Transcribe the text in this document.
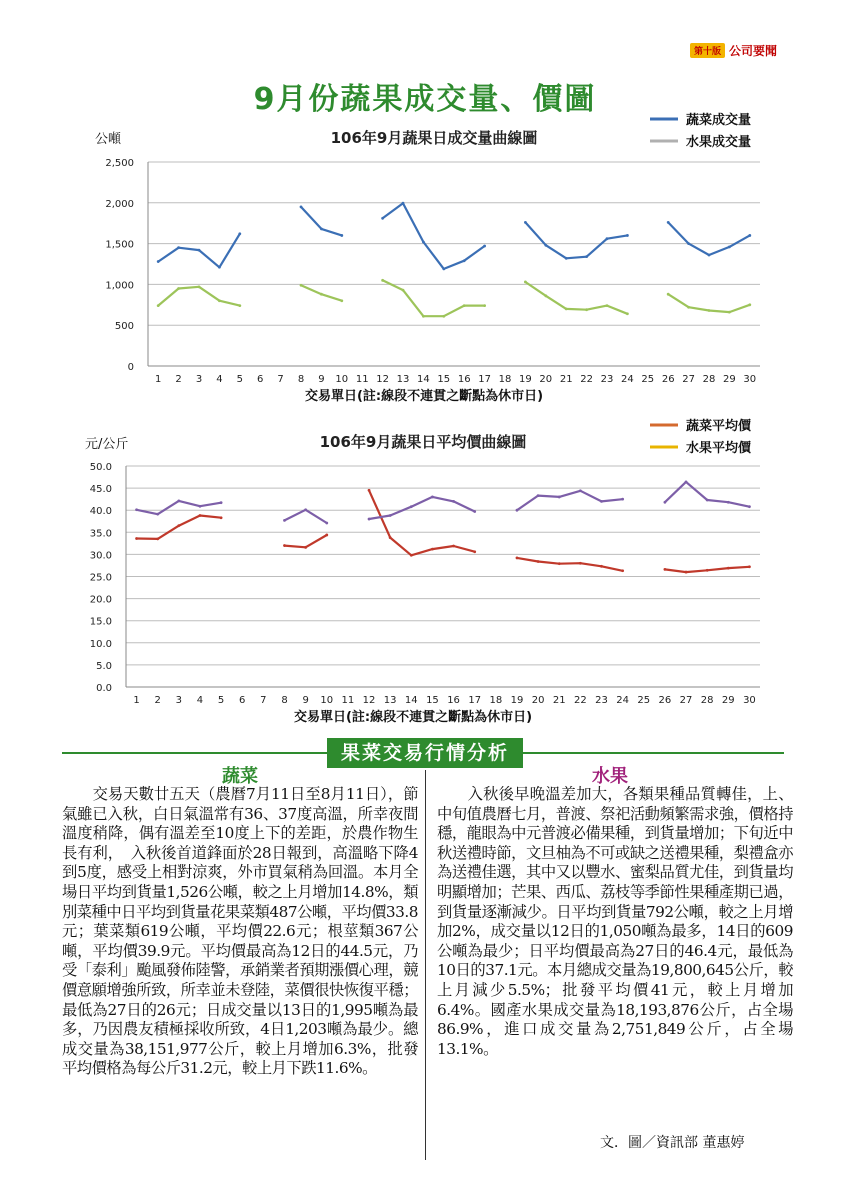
第十版 公司要聞
9月份蔬果成交量、價圖
106年9月蔬果日成交量曲線圖
公噸
0
500
1,000
1,500
2,000
2,500
1 2 3 4 5 6 7 8 9 10 11 12 13 14 15 16 17 18 19 20 21 22 23 24 25 26 27 28 29 30
交易單日(註:線段不連貫之斷點為休市日)
蔬菜成交量
水果成交量
106年9月蔬果日平均價曲線圖
元/公斤
0.0
5.0
10.0
15.0
20.0
25.0
30.0
35.0
40.0
45.0
50.0
1 2 3 4 5 6 7 8 9 10 11 12 13 14 15 16 17 18 19 20 21 22 23 24 25 26 27 28 29 30
交易單日(註:線段不連貫之斷點為休市日)
蔬菜平均價
水果平均價
果菜交易行情分析
蔬菜	水果

交易天數廿五天（農曆7月11日至8月11日），節氣雖已入秋，白日氣溫常有36、37度高溫，所幸夜間溫度稍降，偶有溫差至10度上下的差距，於農作物生長有利，　入秋後首道鋒面於28日報到，高溫略下降4到5度，感受上相對涼爽，外市買氣稍為回溫。本月全場日平均到貨量1,526公噸，較之上月增加14.8%，類別菜種中日平均到貨量花果菜類487公噸，平均價33.8元；葉菜類619公噸，平均價22.6元；根莖類367公噸，平均價39.9元。平均價最高為12日的44.5元，乃受「泰利」颱風發佈陸警，承銷業者預期漲價心理，競價意願增強所致，所幸並未登陸，菜價很快恢復平穩；最低為27日的26元；日成交量以13日的1,995噸為最多，乃因農友積極採收所致，4日1,203噸為最少。總成交量為38,151,977公斤，較上月增加6.3%，批發平均價格為每公斤31.2元，較上月下跌11.6%。

入秋後早晚溫差加大，各類果種品質轉佳，上、中旬值農曆七月，普渡、祭祀活動頻繁需求強，價格持穩，龍眼為中元普渡必備果種，到貨量增加；下旬近中秋送禮時節，文旦柚為不可或缺之送禮果種，梨禮盒亦為送禮佳選，其中又以豐水、蜜梨品質尤佳，到貨量均明顯增加；芒果、西瓜、荔枝等季節性果種產期已過，到貨量逐漸減少。日平均到貨量792公噸，較之上月增加2%，成交量以12日的1,050噸為最多，14日的609公噸為最少；日平均價最高為27日的46.4元，最低為10日的37.1元。本月總成交量為19,800,645公斤，較上月減少5.5%；批發平均價41元，較上月增加6.4%。國產水果成交量為18,193,876公斤，占全場86.9%，進口成交量為2,751,849公斤，占全場13.1%。

文．圖／資訊部 董惠婷
